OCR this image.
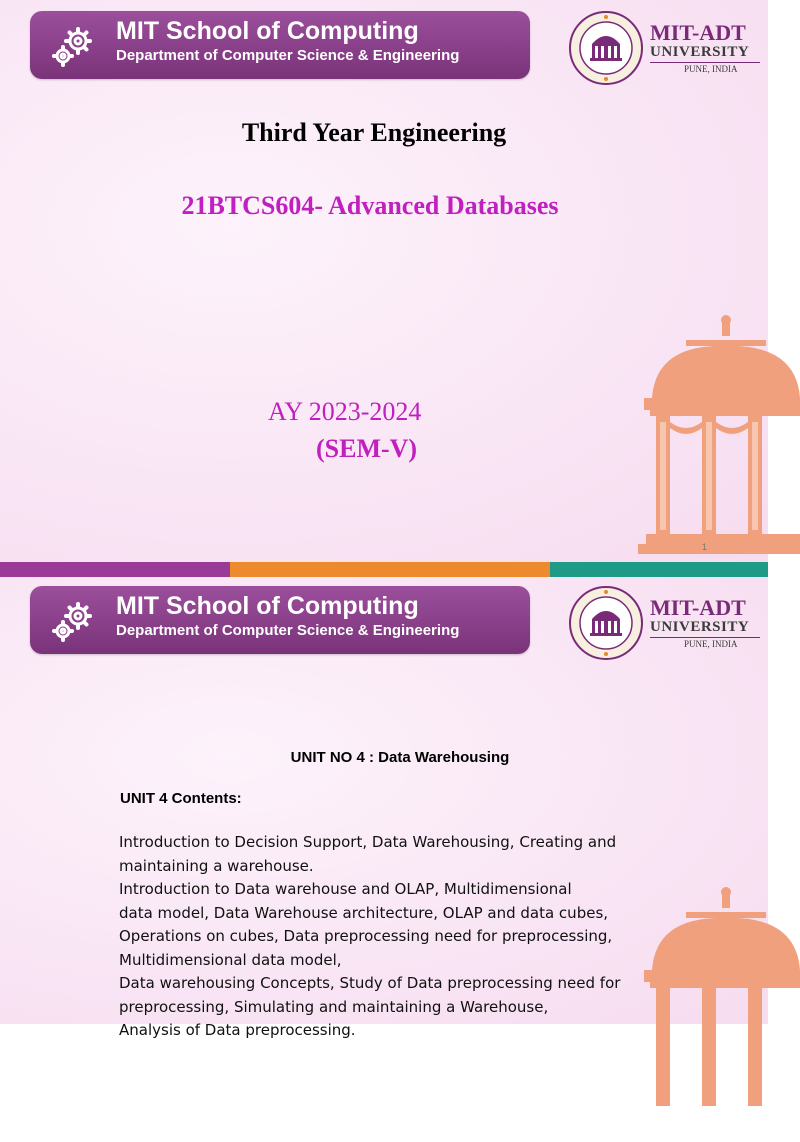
MIT School of Computing
Department of Computer Science & Engineering
MIT-ADT
UNIVERSITY
PUNE, INDIA
Third Year Engineering
21BTCS604- Advanced Databases
AY 2023-2024
(SEM-V)
1
MIT School of Computing
Department of Computer Science & Engineering
MIT-ADT
UNIVERSITY
PUNE, INDIA
UNIT NO 4 : Data Warehousing
UNIT 4 Contents:
Introduction to Decision Support, Data Warehousing, Creating and
maintaining a warehouse.
Introduction to Data warehouse and OLAP, Multidimensional
data model, Data Warehouse architecture, OLAP and data cubes,
Operations on cubes, Data preprocessing need for preprocessing,
Multidimensional data model,
Data warehousing Concepts, Study of Data preprocessing need for
preprocessing, Simulating and maintaining a Warehouse,
Analysis of Data preprocessing.
